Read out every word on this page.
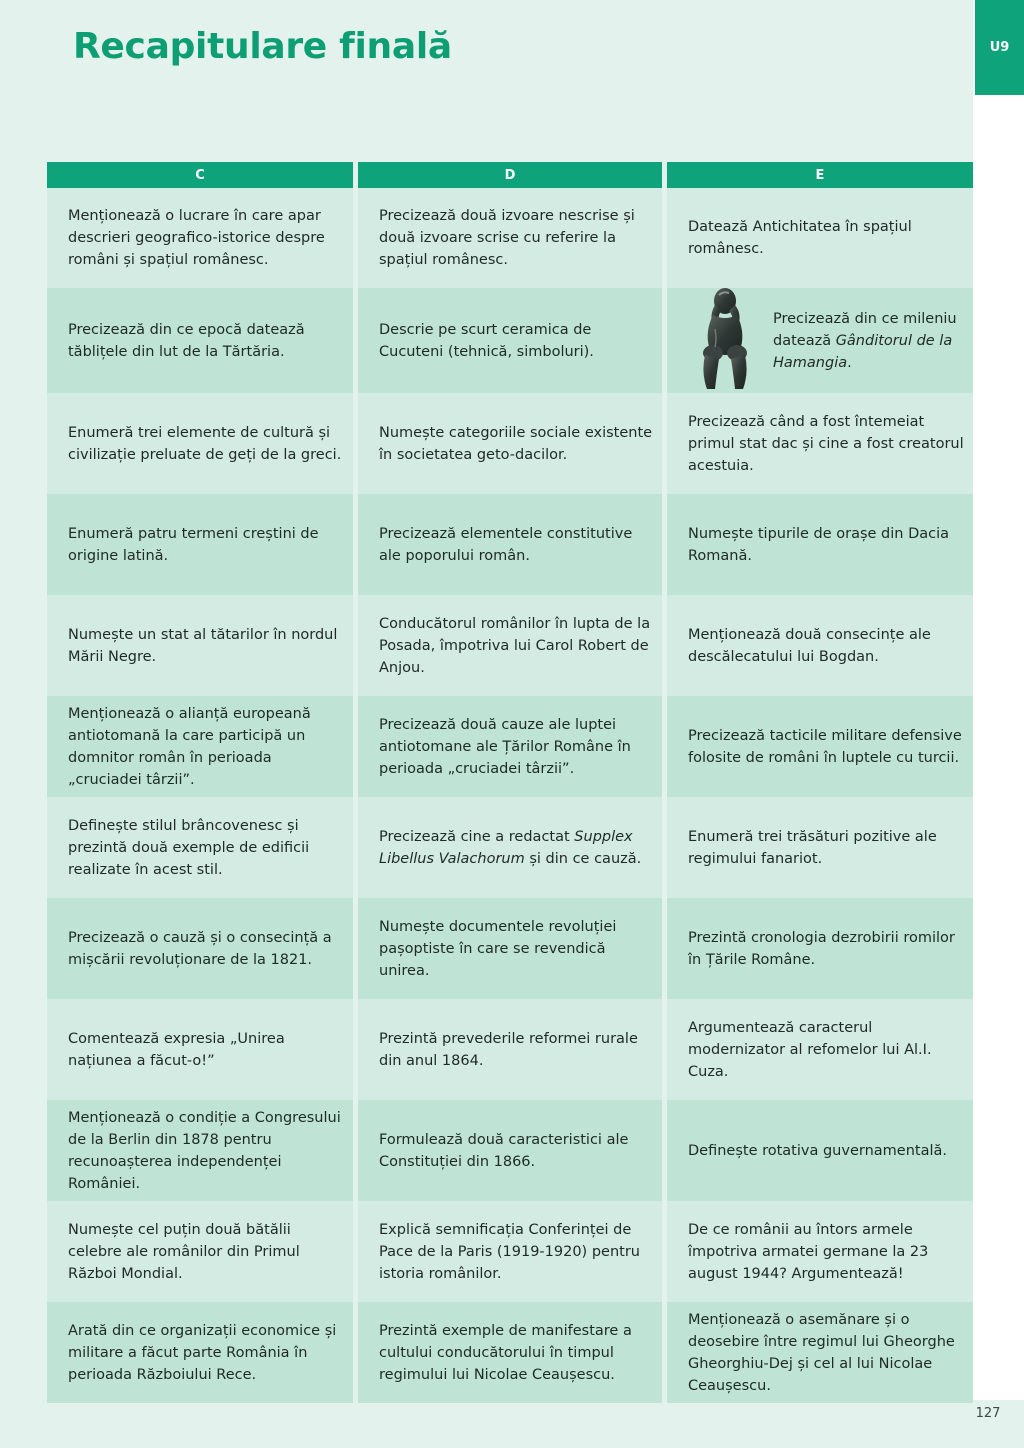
Recapitulare finală	U9
127
C	D	E
Menționează o lucrare în care apar descrieri geografico-istorice despre români și spațiul românesc.	Precizează două izvoare nescrise și două izvoare scrise cu referire la spațiul românesc.	Datează Antichitatea în spațiul românesc.
Precizează din ce epocă datează tăblițele din lut de la Tărtăria.	Descrie pe scurt ceramica de Cucuteni (tehnică, simboluri).	Precizează din ce mileniu datează Gânditorul de la Hamangia.

Enumeră trei elemente de cultură și civilizație preluate de geți de la greci.	Numește categoriile sociale existente în societatea geto-dacilor.	Precizează când a fost întemeiat primul stat dac și cine a fost creatorul acestuia.
Enumeră patru termeni creștini de origine latină.	Precizează elementele constitutive ale poporului român.	Numește tipurile de orașe din Dacia Romană.
Numește un stat al tătarilor în nordul Mării Negre.	Conducătorul românilor în lupta de la Posada, împotriva lui Carol Robert de Anjou.	Menționează două consecințe ale descălecatului lui Bogdan.
Menționează o alianță europeană antiotomană la care participă un domnitor român în perioada „cruciadei târzii”.	Precizează două cauze ale luptei antiotomane ale Țărilor Române în perioada „cruciadei târzii”.	Precizează tacticile militare defensive folosite de români în luptele cu turcii.
Definește stilul brâncovenesc și prezintă două exemple de edificii realizate în acest stil.	Precizează cine a redactat Supplex Libellus Valachorum și din ce cauză.	Enumeră trei trăsături pozitive ale regimului fanariot.
Precizează o cauză și o consecință a mișcării revoluționare de la 1821.	Numește documentele revoluției pașoptiste în care se revendică unirea.	Prezintă cronologia dezrobirii romilor în Țările Române.
Comentează expresia „Unirea națiunea a făcut-o!”	Prezintă prevederile reformei rurale din anul 1864.	Argumentează caracterul modernizator al refomelor lui Al.I. Cuza.
Menționează o condiție a Congresului de la Berlin din 1878 pentru recunoașterea independenței României.	Formulează două caracteristici ale Constituției din 1866.	Definește rotativa guvernamentală.
Numește cel puțin două bătălii celebre ale românilor din Primul Război Mondial.	Explică semnificația Conferinței de Pace de la Paris (1919-1920) pentru istoria românilor.	De ce românii au întors armele împotriva armatei germane la 23 august 1944? Argumentează!
Arată din ce organizații economice și militare a făcut parte România în perioada Războiului Rece.	Prezintă exemple de manifestare a cultului conducătorului în timpul regimului lui Nicolae Ceaușescu.	Menționează o asemănare și o deosebire între regimul lui Gheorghe Gheorghiu-Dej și cel al lui Nicolae Ceaușescu.
